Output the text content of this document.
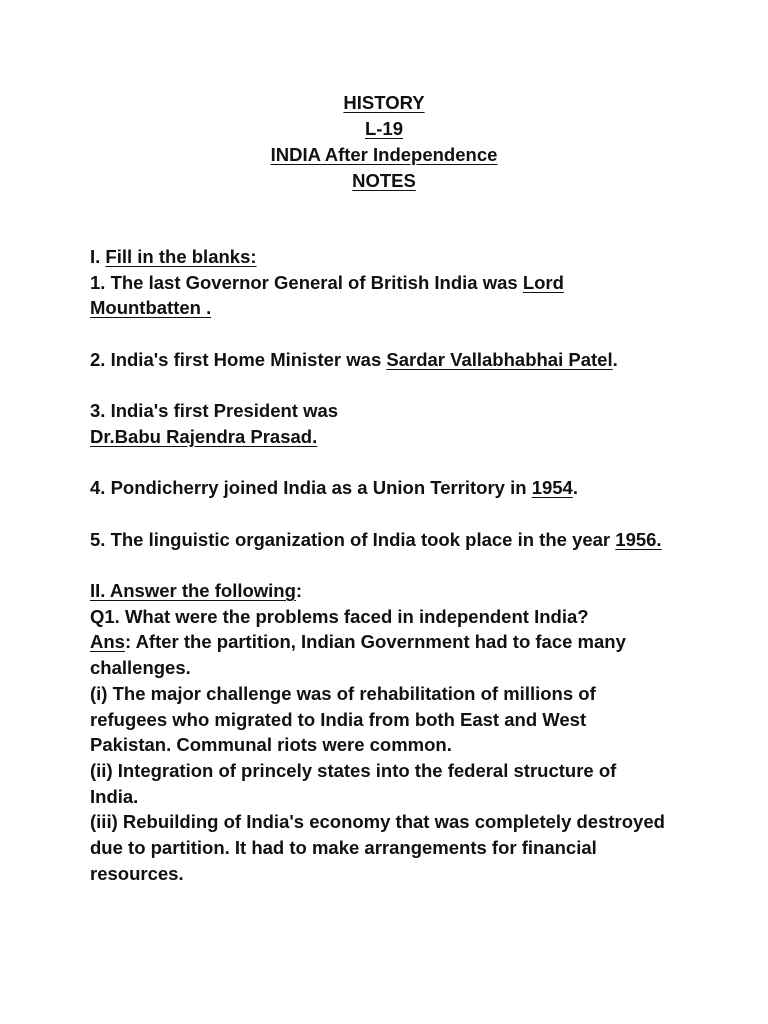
HISTORY
L-19
INDIA After Independence
NOTES
I. Fill in the blanks:
1. The last Governor General of British India was Lord
Mountbatten .
2. India's first Home Minister was Sardar Vallabhabhai Patel.
3. India's first President was
Dr.Babu Rajendra Prasad.
4. Pondicherry joined India as a Union Territory in 1954.
5. The linguistic organization of India took place in the year 1956.
II. Answer the following:
Q1. What were the problems faced in independent India?
Ans: After the partition, Indian Government had to face many
challenges.
(i) The major challenge was of rehabilitation of millions of
refugees who migrated to India from both East and West
Pakistan. Communal riots were common.
(ii) Integration of princely states into the federal structure of
India.
(iii) Rebuilding of India's economy that was completely destroyed
due to partition. It had to make arrangements for financial
resources.
